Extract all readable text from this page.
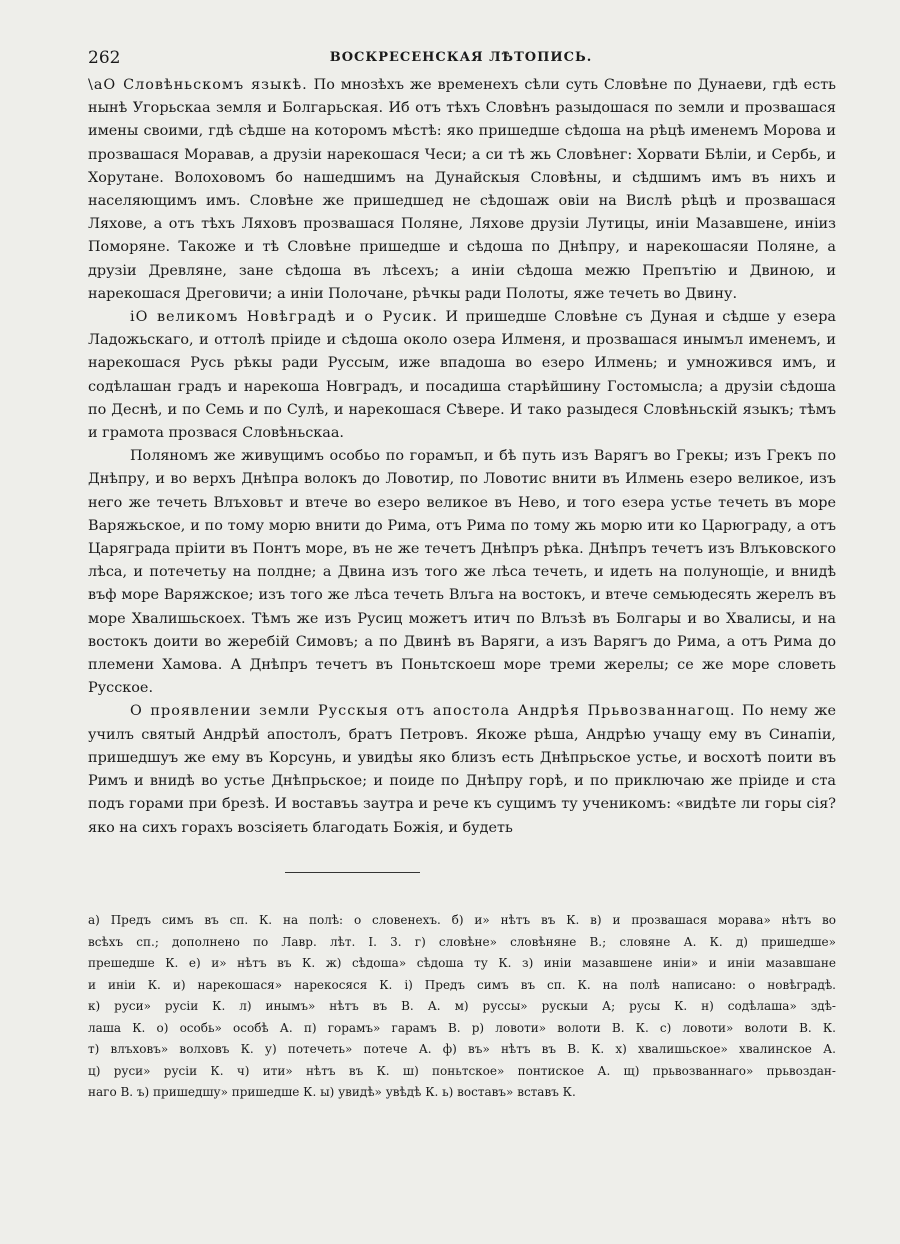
262	ВОСКРЕСЕНСКАЯ ЛѢТОПИСЬ.

\аО Словѣньскомъ языкѣ. По мнозѣхъ же временехъ сѣли суть Словѣне по Дунаеви, гдѣ есть нынѣ Угорьскаа земля и Болгарьская. Иб отъ тѣхъ Словѣнъ разыдошася по земли и прозвашася имены своими, гдѣ сѣдше на которомъ мѣстѣ: яко пришедше сѣдоша на рѣцѣ именемъ Морова и прозвашася Моравав, а друзіи нарекошася Чеси; а си тѣ жь Словѣнег: Хорвати Бѣліи, и Сербь, и Хорутане. Волоховомъ бо нашедшимъ на Дунайскыя Словѣны, и сѣдшимъ имъ въ нихъ и населяющимъ имъ. Словѣне же пришедшед не сѣдошаж овіи на Вислѣ рѣцѣ и прозвашася Ляхове, а отъ тѣхъ Ляховъ прозвашася Поляне, Ляхове друзіи Лутицы, иніи Мазавшене, иніиз Поморяне. Такоже и тѣ Словѣне пришедше и сѣдоша по Днѣпру, и нарекошасяи Поляне, а друзіи Древляне, зане сѣдоша въ лѣсехъ; а иніи сѣдоша межю Препътію и Двиною, и нарекошася Дреговичи; а иніи Полочане, рѣчкы ради Полоты, яже течеть во Двину.

іО великомъ Новѣградѣ и о Русик. И пришедше Словѣне съ Дуная и сѣдше у езера Ладожьскаго, и оттолѣ пріиде и сѣдоша около озера Илменя, и прозвашася инымъл именемъ, и нарекошася Русь рѣкы ради Руссым, иже впадоша во езеро Илмень; и умножився имъ, и содѣлашан градъ и нарекоша Новградъ, и посадиша старѣйшину Гостомысла; а друзіи сѣдоша по Деснѣ, и по Семь и по Сулѣ, и нарекошася Сѣвере. И тако разыдеся Словѣньскій языкъ; тѣмъ и грамота прозвася Словѣньскаа.

Поляномъ же живущимъ особьо по горамъп, и бѣ путь изъ Варягъ во Грекы; изъ Грекъ по Днѣпру, и во верхъ Днѣпра волокъ до Ловотир, по Ловотис внити въ Илмень езеро великое, изъ него же течеть Влъховьт и втече во езеро великое въ Нево, и того езера устье течеть въ море Варяжьское, и по тому морю внити до Рима, отъ Рима по тому жь морю ити ко Царюграду, а отъ Царяграда пріити въ Понтъ море, въ не же течетъ Днѣпръ рѣка. Днѣпръ течетъ изъ Влъковского лѣса, и потечетьу на полдне; а Двина изъ того же лѣса течеть, и идеть на полунощіе, и внидѣ въф море Варяжское; изъ того же лѣса течеть Влъга на востокъ, и втече семьюдесять жерелъ въ море Хвалишьскоех. Тѣмъ же изъ Русиц можетъ итич по Влъзѣ въ Болгары и во Хвалисы, и на востокъ доити во жеребій Симовъ; а по Двинѣ въ Варяги, а изъ Варягъ до Рима, а отъ Рима до племени Хамова. А Днѣпръ течетъ въ Поньтскоеш море треми жерелы; се же море словеть Русское.

О проявлении земли Русскыя отъ апостола Андрѣя Прьвозваннагощ. По нему же училъ святый Андрѣй апостолъ, братъ Петровъ. Якоже рѣша, Андрѣю учащу ему въ Синапіи, пришедшуъ же ему въ Корсунь, и увидѣы яко близъ есть Днѣпрьское устье, и восхотѣ поити въ Римъ и внидѣ во устье Днѣпрьское; и поиде по Днѣпру горѣ, и по приключаю же пріиде и ста подъ горами при брезѣ. И воставъь заутра и рече къ сущимъ ту ученикомъ: «видѣте ли горы сія? яко на сихъ горахъ возсіяеть благодать Божія, и будеть

а) Предъ симъ въ сп. К. на полѣ: о словенехъ. б) и» нѣтъ въ К. в) и прозвашася морава» нѣтъ во

всѣхъ сп.; дополнено по Лавр. лѣт. I. 3. г) словѣне» словѣняне В.; словяне А. К. д) пришедше»

прешедше К. е) и» нѣтъ въ К. ж) сѣдоша» сѣдоша ту К. з) иніи мазавшене иніи» и иніи мазавшане

и иніи К. и) нарекошася» нарекосяся К. і) Предъ симъ въ сп. К. на полѣ написано: о новѣградѣ.

к) руси» русіи К. л) инымъ» нѣтъ въ В. А. м) руссы» рускыи А; русы К. н) содѣлаша» здѣ-

лаша К. о) особь» особѣ А. п) горамъ» гарамъ В. р) ловоти» волоти В. К. с) ловоти» волоти В. К.

т) влъховъ» волховъ К. у) потечеть» потече А. ф) въ» нѣтъ въ В. К. х) хвалишьское» хвалинское А.

ц) руси» русіи К. ч) ити» нѣтъ въ К. ш) поньтское» понтиское А. щ) прьвозваннаго» прьвоздан-

наго В. ъ) пришедшу» пришедше К. ы) увидѣ» увѣдѣ К. ь) воставъ» вставъ К.
